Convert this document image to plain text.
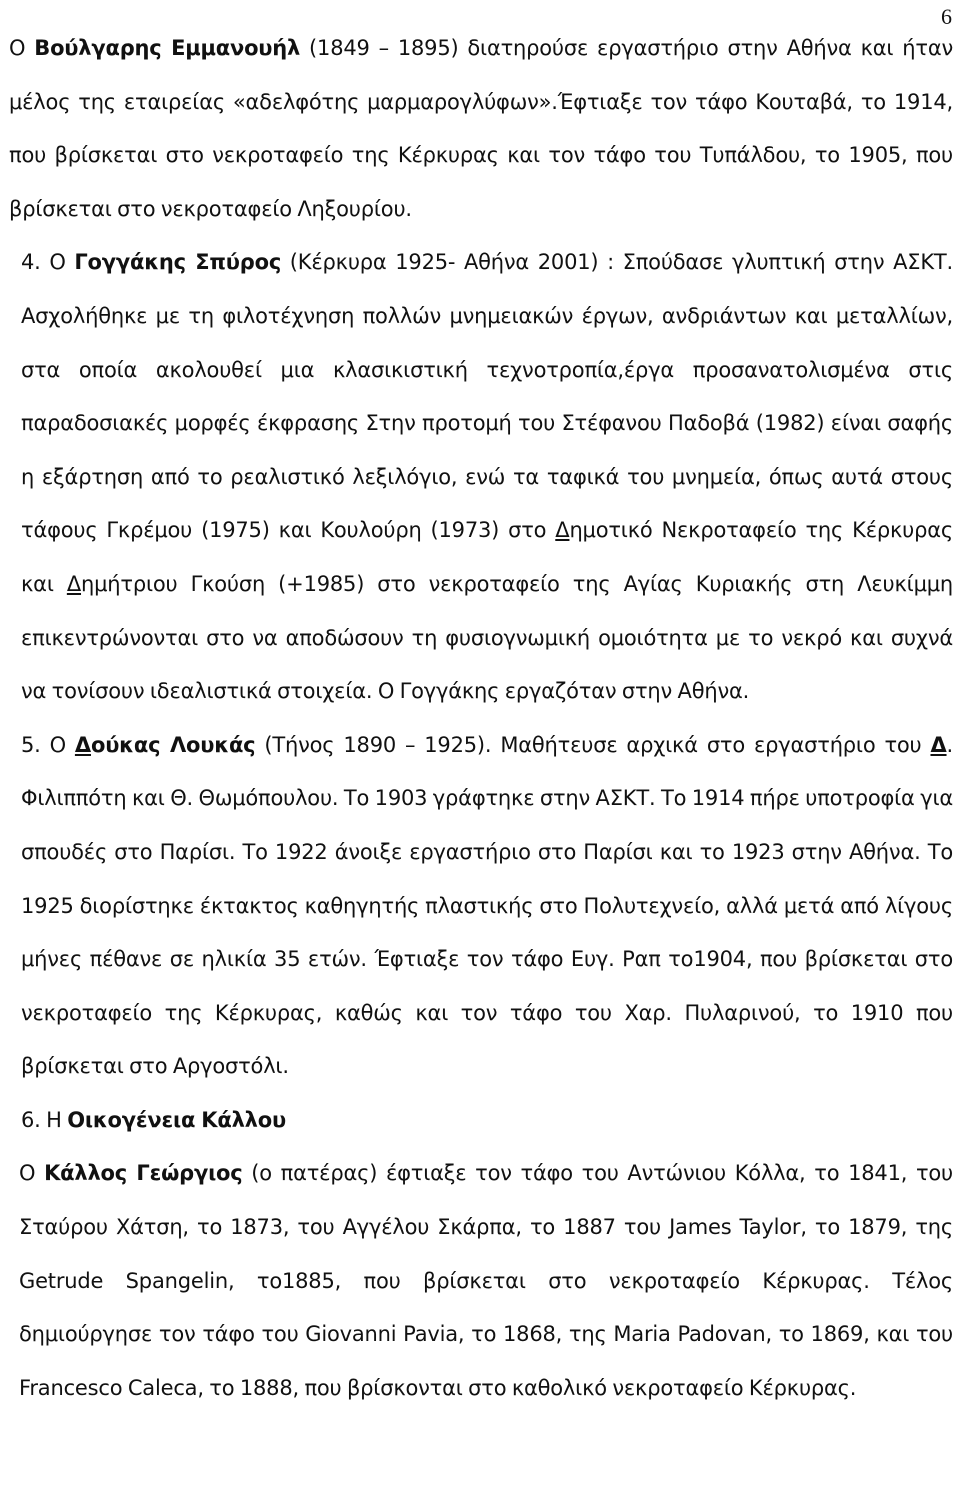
6

Ο Βούλγαρης Εμμανουήλ (1849 – 1895) διατηρούσε εργαστήριο στην Αθήνα και ήταν μέλος της εταιρείας «αδελφότης μαρμαρογλύφων».Έφτιαξε τον τάφο Κουταβά, το 1914, που βρίσκεται στο νεκροταφείο της Κέρκυρας και τον τάφο του Τυπάλδου, το 1905, που βρίσκεται στο νεκροταφείο Ληξουρίου.

4. Ο Γογγάκης Σπύρος (Κέρκυρα 1925- Αθήνα 2001) : Σπούδασε γλυπτική στην ΑΣΚΤ. Ασχολήθηκε με τη φιλοτέχνηση πολλών μνημειακών έργων, ανδριάντων και μεταλλίων, στα οποία ακολουθεί μια κλασικιστική τεχνοτροπία,έργα προσανατολισμένα στις παραδοσιακές μορφές έκφρασης Στην προτομή του Στέφανου Παδοβά (1982) είναι σαφής η εξάρτηση από το ρεαλιστικό λεξιλόγιο, ενώ τα ταφικά του μνημεία, όπως αυτά στους τάφους Γκρέμου (1975) και Κουλούρη (1973) στο Δημοτικό Νεκροταφείο της Κέρκυρας και Δημήτριου Γκούση (+1985) στο νεκροταφείο της Αγίας Κυριακής στη Λευκίμμη επικεντρώνονται στο να αποδώσουν τη φυσιογνωμική ομοιότητα με το νεκρό και συχνά να τονίσουν ιδεαλιστικά στοιχεία. Ο Γογγάκης εργαζόταν στην Αθήνα.

5. Ο Δούκας Λουκάς (Τήνος 1890 – 1925). Μαθήτευσε αρχικά στο εργαστήριο του Δ. Φιλιππότη και Θ. Θωμόπουλου. Το 1903 γράφτηκε στην ΑΣΚΤ. Το 1914 πήρε υποτροφία για σπουδές στο Παρίσι. Το 1922 άνοιξε εργαστήριο στο Παρίσι και το 1923 στην Αθήνα. Το 1925 διορίστηκε έκτακτος καθηγητής πλαστικής στο Πολυτεχνείο, αλλά μετά από λίγους μήνες πέθανε σε ηλικία 35 ετών. Έφτιαξε τον τάφο Ευγ. Ραπ το1904, που βρίσκεται στο νεκροταφείο της Κέρκυρας, καθώς και τον τάφο του Χαρ. Πυλαρινού, το 1910 που βρίσκεται στο Αργοστόλι.

6. Η Οικογένεια Κάλλου

Ο Κάλλος Γεώργιος (ο πατέρας) έφτιαξε τον τάφο του Αντώνιου Κόλλα, το 1841, του Σταύρου Χάτση, το 1873, του Αγγέλου Σκάρπα, το 1887 του James Taylor, το 1879, της Getrude Spangelin, το1885, που βρίσκεται στο νεκροταφείο Κέρκυρας. Τέλος δημιούργησε τον τάφο του Giovanni Pavia, το 1868, της Maria Padovan, το 1869, και του Francesco Caleca, το 1888, που βρίσκονται στο καθολικό νεκροταφείο Κέρκυρας.
